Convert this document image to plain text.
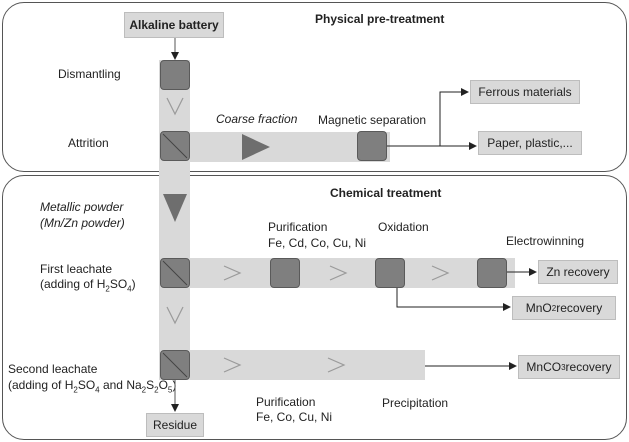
Physical pre-treatment
Chemical treatment
Alkaline battery
Ferrous materials
Paper, plastic,...
Zn recovery
MnO 2 recovery
MnCO 3 recovery
Residue
Dismantling
Attrition
Coarse fraction Magnetic separation
Metallic powder
(Mn/Zn powder)
First leachate
(adding of $H_2SO_4$)
Second leachate
(adding of $H_2SO_4$ and $Na_2S_2O_5$)
Purification
Fe, Cd, Co, Cu, Ni
Oxidation
Electrowinning
Purification
Fe, Co, Cu, Ni
Precipitation
